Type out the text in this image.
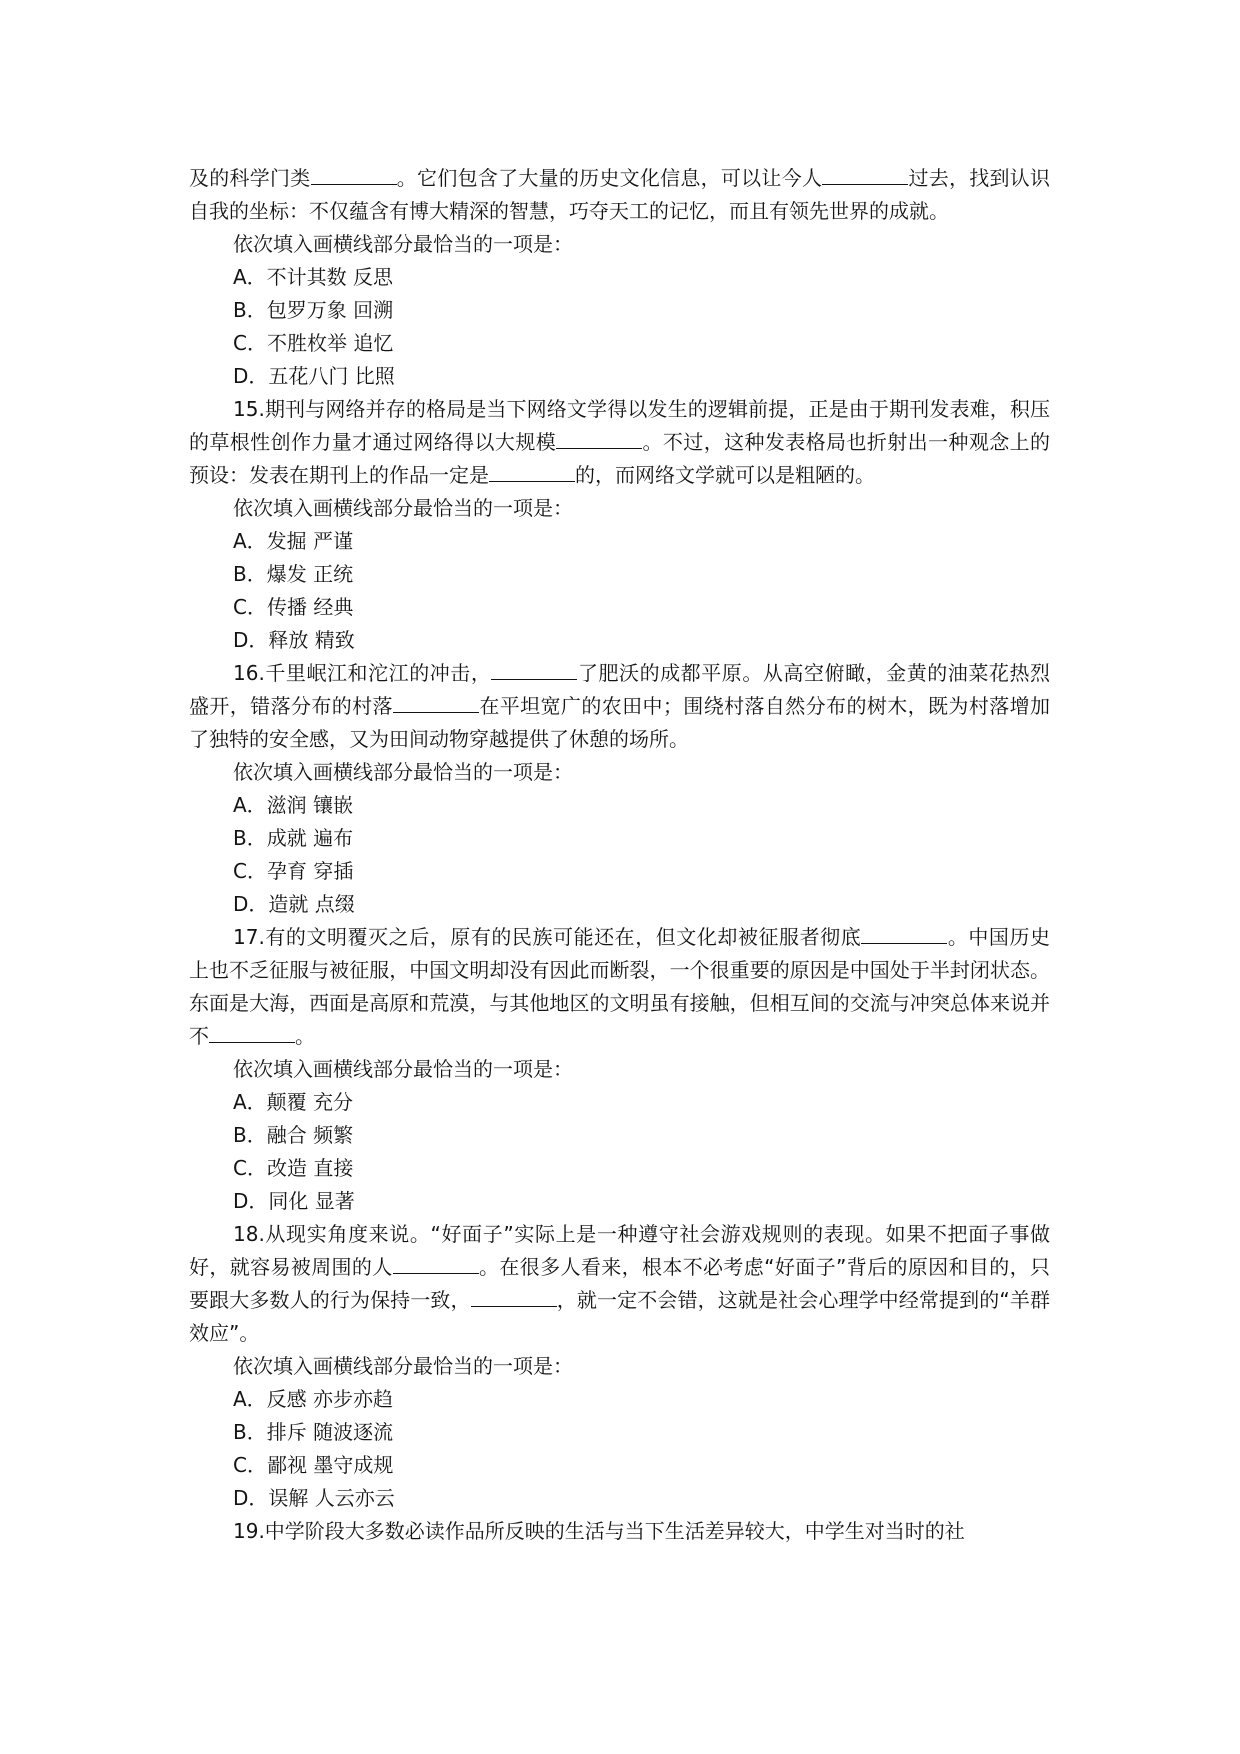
及的科学门类	。它们包含了大量的历史文化信息，可以让今人	过去，找到认识自我的坐标：不仅蕴含有博大精深的智慧，巧夺天工的记忆，而且有领先世界的成就。

依次填入画横线部分最恰当的一项是：

A．不计其数 反思

B．包罗万象 回溯

C．不胜枚举 追忆

D．五花八门 比照

15.期刊与网络并存的格局是当下网络文学得以发生的逻辑前提，正是由于期刊发表难，积压的草根性创作力量才通过网络得以大规模	。不过，这种发表格局也折射出一种观念上的预设：发表在期刊上的作品一定是	的，而网络文学就可以是粗陋的。

依次填入画横线部分最恰当的一项是：

A．发掘 严谨

B．爆发 正统

C．传播 经典

D．释放 精致

16.千里岷江和沱江的冲击，	了肥沃的成都平原。从高空俯瞰，金黄的油菜花热烈盛开，错落分布的村落	在平坦宽广的农田中；围绕村落自然分布的树木，既为村落增加了独特的安全感，又为田间动物穿越提供了休憩的场所。

依次填入画横线部分最恰当的一项是：

A．滋润 镶嵌

B．成就 遍布

C．孕育 穿插

D．造就 点缀

17.有的文明覆灭之后，原有的民族可能还在，但文化却被征服者彻底	。中国历史上也不乏征服与被征服，中国文明却没有因此而断裂，一个很重要的原因是中国处于半封闭状态。东面是大海，西面是高原和荒漠，与其他地区的文明虽有接触，但相互间的交流与冲突总体来说并不	。

依次填入画横线部分最恰当的一项是：

A．颠覆 充分

B．融合 频繁

C．改造 直接

D．同化 显著

18.从现实角度来说。“好面子”实际上是一种遵守社会游戏规则的表现。如果不把面子事做好，就容易被周围的人	。在很多人看来，根本不必考虑“好面子”背后的原因和目的，只要跟大多数人的行为保持一致，	，就一定不会错，这就是社会心理学中经常提到的“羊群效应”。

依次填入画横线部分最恰当的一项是：

A．反感 亦步亦趋

B．排斥 随波逐流

C．鄙视 墨守成规

D．误解 人云亦云

19.中学阶段大多数必读作品所反映的生活与当下生活差异较大，中学生对当时的社
